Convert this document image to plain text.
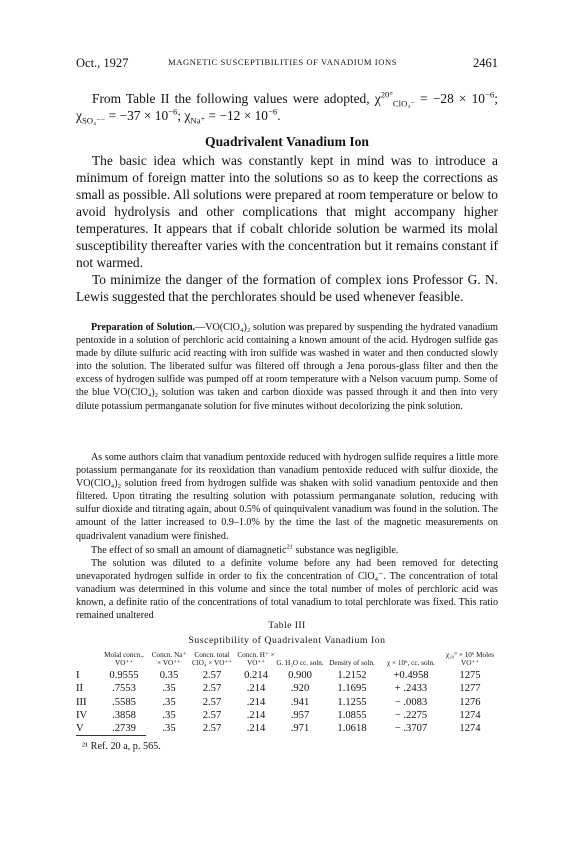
Oct., 1927	MAGNETIC SUSCEPTIBILITIES OF VANADIUM IONS	2461
From Table II the following values were adopted, $\chi^{20^\circ}_{ClO_4^-} = -28 \times 10^{-6}$; $\chi_{SO_4^{--}} = -37 \times 10^{-6}$; $\chi_{Na^+} = -12 \times 10^{-6}$.
Quadrivalent Vanadium Ion
The basic idea which was constantly kept in mind was to introduce a minimum of foreign matter into the solutions so as to keep the corrections as small as possible. All solutions were prepared at room temperature or below to avoid hydrolysis and other complications that might accompany higher temperatures. It appears that if cobalt chloride solution be warmed its molal susceptibility thereafter varies with the concentration but it remains constant if not warmed.
To minimize the danger of the formation of complex ions Professor G. N. Lewis suggested that the perchlorates should be used whenever feasible.
Preparation of Solution.—VO(ClO₄)₂ solution was prepared by suspending the hydrated vanadium pentoxide in a solution of perchloric acid containing a known amount of the acid. Hydrogen sulfide gas made by dilute sulfuric acid reacting with iron sulfide was washed in water and then conducted slowly into the solution. The liberated sulfur was filtered off through a Jena porous-glass filter and then the excess of hydrogen sulfide was pumped off at room temperature with a Nelson vacuum pump. Some of the blue VO(ClO₄)₂ solution was taken and carbon dioxide was passed through it and then into very dilute potassium permanganate solution for five minutes without decolorizing the pink solution.
As some authors claim that vanadium pentoxide reduced with hydrogen sulfide requires a little more potassium permanganate for its reoxidation than vanadium pentoxide reduced with sulfur dioxide, the VO(ClO₄)₂ solution freed from hydrogen sulfide was shaken with solid vanadium pentoxide and then filtered. Upon titrating the resulting solution with potassium permanganate solution, reducing with sulfur dioxide and titrating again, about 0.5% of quinquivalent vanadium was found in the solution. The amount of the latter increased to 0.9–1.0% by the time the last of the magnetic measurements on quadrivalent vanadium were finished.
The effect of so small an amount of diamagnetic$^{21}$ substance was negligible.
The solution was diluted to a definite volume before any had been removed for detecting unevaporated hydrogen sulfide in order to fix the concentration of ClO₄⁻. The concentration of total vanadium was determined in this volume and since the total number of moles of perchloric acid was known, a definite ratio of the concentrations of total vanadium to total perchlorate was fixed. This ratio remained unaltered
Table III
Susceptibility of Quadrivalent Vanadium Ion
	Molal concn., VO⁺⁺	Concn. Na⁺ × VO⁺⁺	Concn. total ClO₄ × VO⁺⁺	Concn. H⁺ × VO⁺⁺	G. H₂O cc. soln.	Density of soln.	χ × 10⁶, cc. soln.	χ₂₀° × 10⁶ Moles VO⁺⁺
I	0.9555	0.35	2.57	0.214	0.900	1.2152	+0.4958	1275
II	.7553	.35	2.57	.214	.920	1.1695	+ .2433	1277
III	.5585	.35	2.57	.214	.941	1.1255	− .0083	1276
IV	.3858	.35	2.57	.214	.957	1.0855	− .2275	1274
V	.2739	.35	2.57	.214	.971	1.0618	− .3707	1274
²¹ Ref. 20 a, p. 565.
